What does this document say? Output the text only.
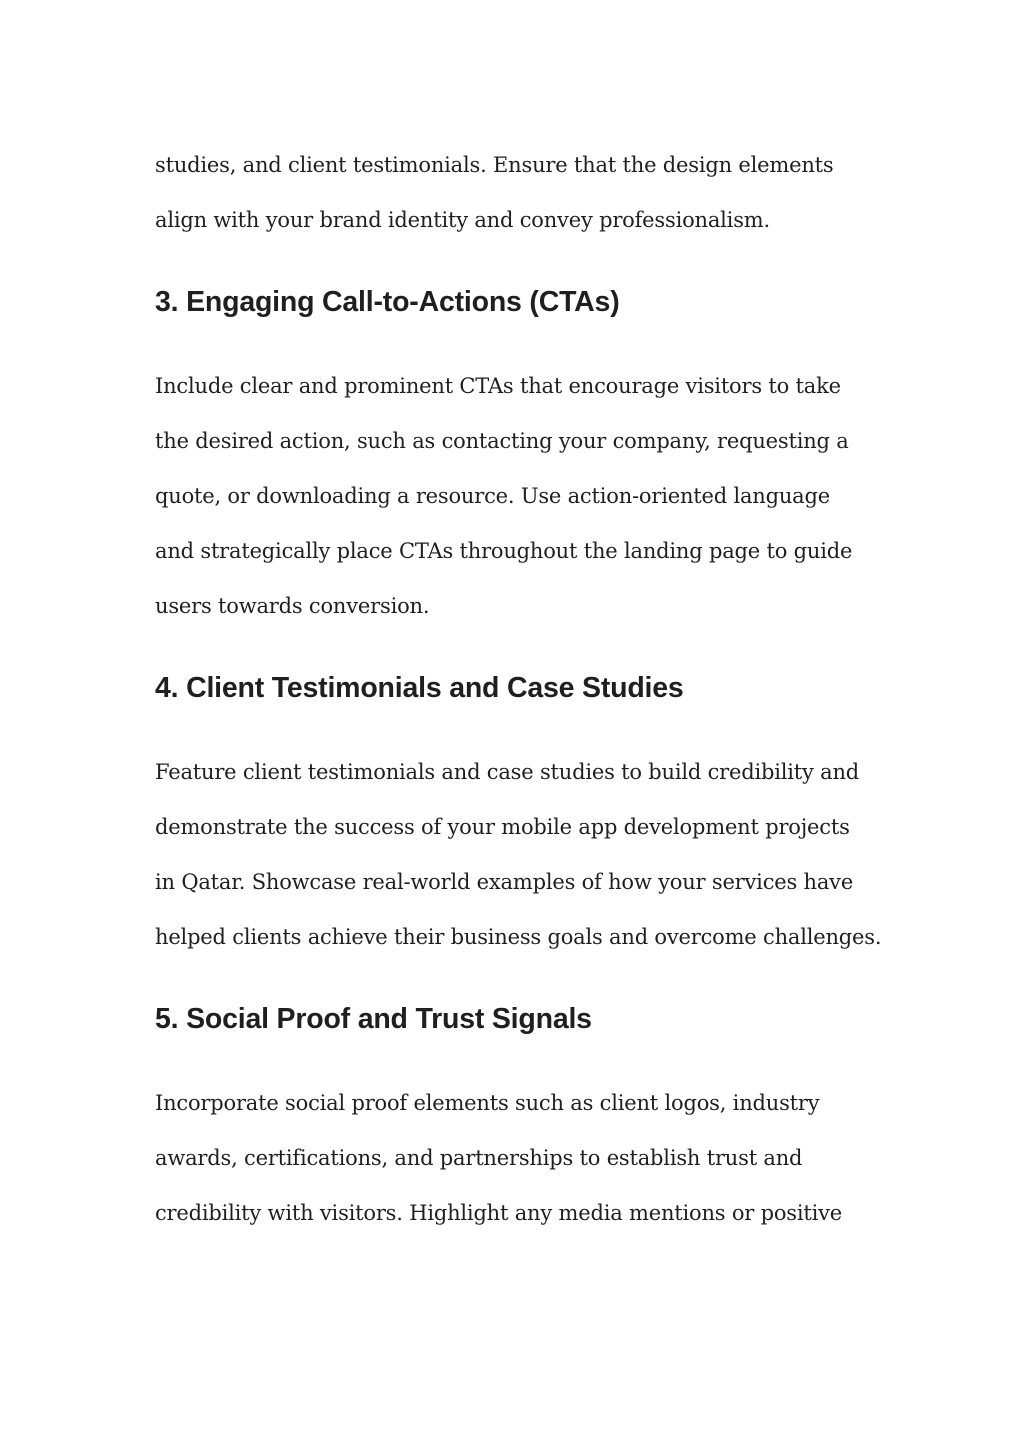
studies, and client testimonials. Ensure that the design elements
align with your brand identity and convey professionalism.
3. Engaging Call-to-Actions (CTAs)
Include clear and prominent CTAs that encourage visitors to take
the desired action, such as contacting your company, requesting a
quote, or downloading a resource. Use action-oriented language
and strategically place CTAs throughout the landing page to guide
users towards conversion.
4. Client Testimonials and Case Studies
Feature client testimonials and case studies to build credibility and
demonstrate the success of your mobile app development projects
in Qatar. Showcase real-world examples of how your services have
helped clients achieve their business goals and overcome challenges.
5. Social Proof and Trust Signals
Incorporate social proof elements such as client logos, industry
awards, certifications, and partnerships to establish trust and
credibility with visitors. Highlight any media mentions or positive
